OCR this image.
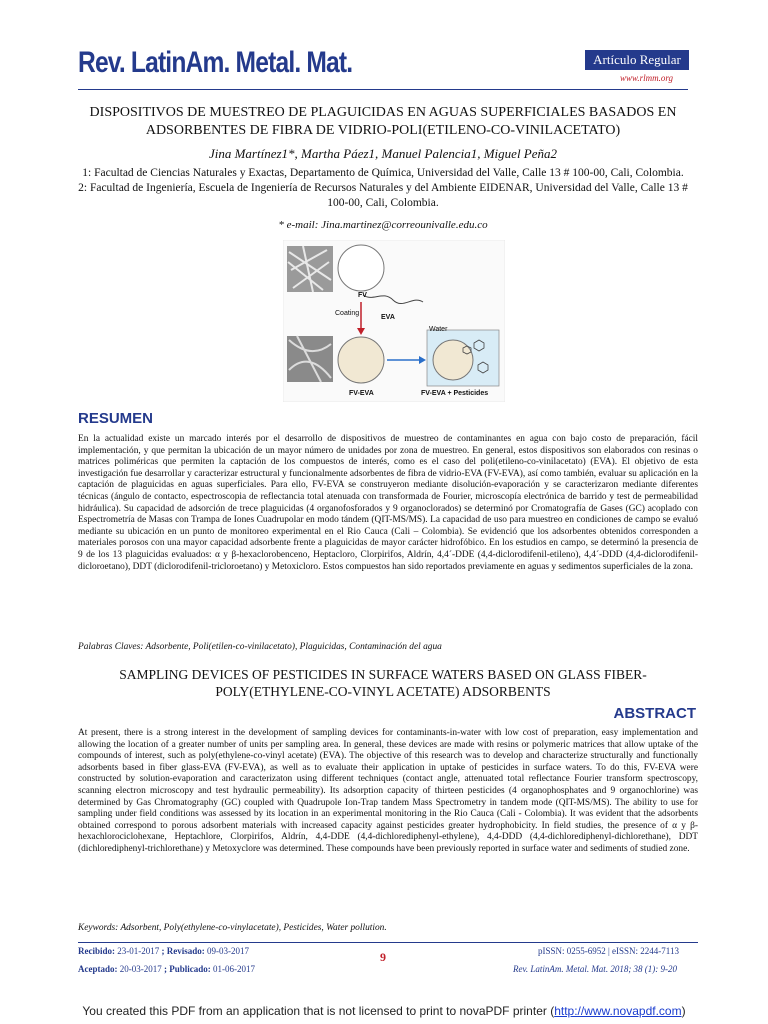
Rev. LatinAm. Metal. Mat.	Artículo Regular
www.rlmm.org
DISPOSITIVOS DE MUESTREO DE PLAGUICIDAS EN AGUAS SUPERFICIALES BASADOS EN ADSORBENTES DE FIBRA DE VIDRIO-POLI(ETILENO-CO-VINILACETATO)
Jina Martínez1*, Martha Páez1, Manuel Palencia1, Miguel Peña2
1: Facultad de Ciencias Naturales y Exactas, Departamento de Química, Universidad del Valle, Calle 13 # 100-00, Cali, Colombia. 2: Facultad de Ingeniería, Escuela de Ingeniería de Recursos Naturales y del Ambiente EIDENAR, Universidad del Valle, Calle 13 # 100-00, Cali, Colombia.
* e-mail: Jina.martinez@correounivalle.edu.co
FV
EVA
Coating
Water
FV-EVA	FV-EVA + Pesticides
RESUMEN
En la actualidad existe un marcado interés por el desarrollo de dispositivos de muestreo de contaminantes en agua con bajo costo de preparación, fácil implementación, y que permitan la ubicación de un mayor número de unidades por zona de muestreo. En general, estos dispositivos son elaborados con resinas o matrices poliméricas que permiten la captación de los compuestos de interés, como es el caso del poli(etileno-co-vinilacetato) (EVA). El objetivo de esta investigación fue desarrollar y caracterizar estructural y funcionalmente adsorbentes de fibra de vidrio-EVA (FV-EVA), así como también, evaluar su aplicación en la captación de plaguicidas en aguas superficiales. Para ello, FV-EVA se construyeron mediante disolución-evaporación y se caracterizaron mediante diferentes técnicas (ángulo de contacto, espectroscopia de reflectancia total atenuada con transformada de Fourier, microscopía electrónica de barrido y test de permeabilidad hidráulica). Su capacidad de adsorción de trece plaguicidas (4 organofosforados y 9 organoclorados) se determinó por Cromatografía de Gases (GC) acoplado con Espectrometría de Masas con Trampa de Iones Cuadrupolar en modo tándem (QIT-MS/MS). La capacidad de uso para muestreo en condiciones de campo se evaluó mediante su ubicación en un punto de monitoreo experimental en el Rio Cauca (Cali – Colombia). Se evidenció que los adsorbentes obtenidos corresponden a materiales porosos con una mayor capacidad adsorbente frente a plaguicidas de mayor carácter hidrofóbico. En los estudios en campo, se determinó la presencia de 9 de los 13 plaguicidas evaluados: α y β-hexaclorobenceno, Heptacloro, Clorpirifos, Aldrín, 4,4´-DDE (4,4-diclorodifenil-etileno), 4,4´-DDD (4,4-diclorodifenil-dicloroetano), DDT (diclorodifenil-tricloroetano) y Metoxicloro. Estos compuestos han sido reportados previamente en aguas y sedimentos superficiales de la zona.
Palabras Claves: Adsorbente, Poli(etilen-co-vinilacetato), Plaguicidas, Contaminación del agua
SAMPLING DEVICES OF PESTICIDES IN SURFACE WATERS BASED ON GLASS FIBER-POLY(ETHYLENE-CO-VINYL ACETATE) ADSORBENTS
ABSTRACT
At present, there is a strong interest in the development of sampling devices for contaminants-in-water with low cost of preparation, easy implementation and allowing the location of a greater number of units per sampling area. In general, these devices are made with resins or polymeric matrices that allow uptake of the compounds of interest, such as poly(ethylene-co-vinyl acetate) (EVA). The objective of this research was to develop and characterize structurally and functionally adsorbents based in fiber glass-EVA (FV-EVA), as well as to evaluate their application in uptake of pesticides in surface waters. To do this, FV-EVA were constructed by solution-evaporation and caracterizaton using different techniques (contact angle, attenuated total reflectance Fourier transform spectroscopy, scanning electron microscopy and test hydraulic permeability). Its adsorption capacity of thirteen pesticides (4 organophosphates and 9 organochlorine) was determined by Gas Chromatography (GC) coupled with Quadrupole Ion-Trap tandem Mass Spectrometry in tandem mode (QIT-MS/MS). The ability to use for sampling under field conditions was assessed by its location in an experimental monitoring in the Rio Cauca (Cali - Colombia). It was evident that the adsorbents obtained correspond to porous adsorbent materials with increased capacity against pesticides greater hydrophobicity. In field studies, the presence of α y β-hexachlorociclohexane, Heptachlore, Clorpirifos, Aldrín, 4,4-DDE (4,4-dichlorediphenyl-ethylene), 4,4-DDD (4,4-dichlorediphenyl-dichlorethane), DDT (dichlorediphenyl-trichlorethane) y Metoxyclore was determined. These compounds have been previously reported in surface water and sediments of studied zone.
Keywords: Adsorbent, Poly(ethylene-co-vinylacetate), Pesticides, Water pollution.
Recibido: 23-01-2017 ; Revisado: 09-03-2017
Aceptado: 20-03-2017 ; Publicado: 01-06-2017
9	pISSN: 0255-6952 | eISSN: 2244-7113
Rev. LatinAm. Metal. Mat. 2018; 38 (1): 9-20
You created this PDF from an application that is not licensed to print to novaPDF printer (http://www.novapdf.com)
